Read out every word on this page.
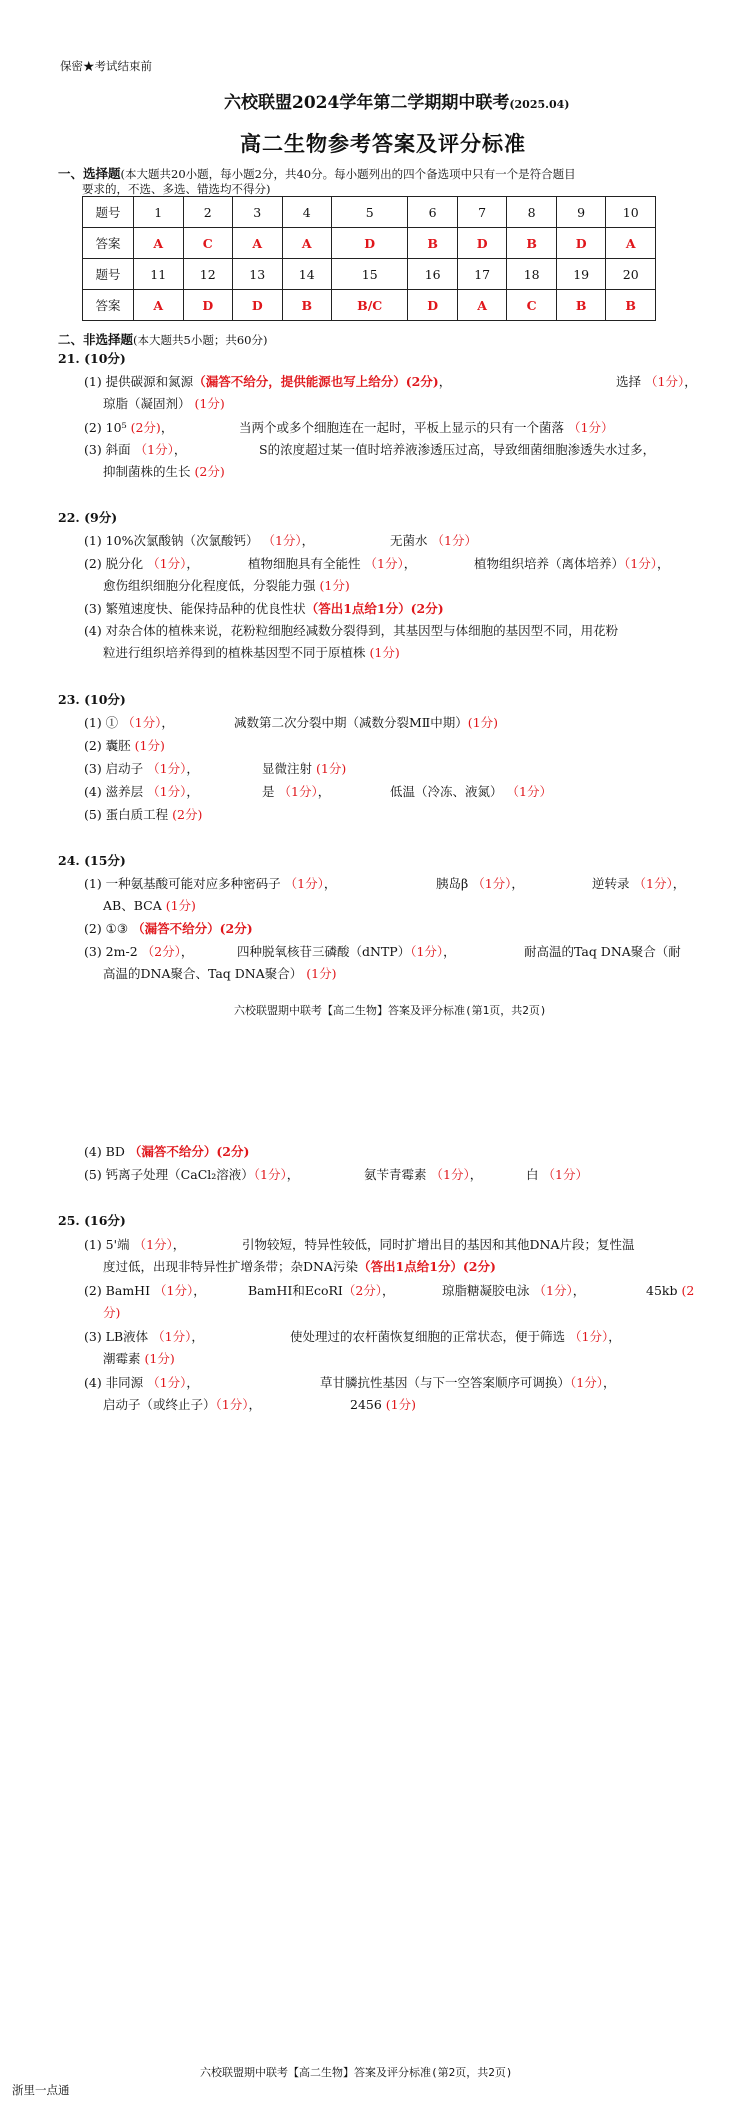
保密★考试结束前
六校联盟2024学年第二学期期中联考(2025.04)
高二生物参考答案及评分标准
一、选择题(本大题共20小题，每小题2分，共40分。每小题列出的四个备选项中只有一个是符合题目
要求的，不选、多选、错选均不得分)
题号	1	2	3	4	5	6	7	8	9	10
答案	A	C	A	A	D	B	D	B	D	A
题号	11	12	13	14	15	16	17	18	19	20
答案	A	D	D	B	B/C	D	A	C	B	B
二、非选择题(本大题共5小题；共60分)
21. (10分)
(1) 提供碳源和氮源（漏答不给分，提供能源也写上给分）(2分)，	选择 （1分），
琼脂（凝固剂） (1分)
(2) 10⁵ (2分)，	当两个或多个细胞连在一起时，平板上显示的只有一个菌落 （1分）
(3) 斜面 （1分），	S的浓度超过某一值时培养液渗透压过高，导致细菌细胞渗透失水过多，
抑制菌株的生长 (2分)
22. (9分)
(1) 10%次氯酸钠（次氯酸钙） （1分），	无菌水 （1分）
(2) 脱分化 （1分），	植物细胞具有全能性 （1分），	植物组织培养（离体培养）（1分），
愈伤组织细胞分化程度低，分裂能力强 (1分)
(3) 繁殖速度快、能保持品种的优良性状（答出1点给1分）(2分)
(4) 对杂合体的植株来说，花粉粒细胞经减数分裂得到，其基因型与体细胞的基因型不同，用花粉
粒进行组织培养得到的植株基因型不同于原植株 (1分)
23. (10分)
(1) ① （1分），	减数第二次分裂中期（减数分裂MⅡ中期）(1分)
(2) 囊胚 (1分)
(3) 启动子 （1分），	显微注射 (1分)
(4) 滋养层 （1分），	是 （1分），	低温（冷冻、液氮） （1分）
(5) 蛋白质工程 (2分)
24. (15分)
(1) 一种氨基酸可能对应多种密码子 （1分），	胰岛β （1分），	逆转录 （1分），
AB、BCA (1分)
(2) ①③ （漏答不给分）(2分)
(3) 2m-2 （2分），	四种脱氧核苷三磷酸（dNTP）（1分），	耐高温的Taq DNA聚合（耐
高温的DNA聚合、Taq DNA聚合） (1分)
六校联盟期中联考【高二生物】答案及评分标准(第1页，共2页)
(4) BD （漏答不给分）(2分)
(5) 钙离子处理（CaCl₂溶液）（1分），	氨苄青霉素 （1分），	白 （1分）
25. (16分)
(1) 5'端 （1分），	引物较短，特异性较低，同时扩增出目的基因和其他DNA片段；复性温
度过低，出现非特异性扩增条带；杂DNA污染（答出1点给1分）(2分)
(2) BamHI （1分），	BamHI和EcoRI（2分），	琼脂糖凝胶电泳 （1分），	45kb (2
分)
(3) LB液体 （1分），	使处理过的农杆菌恢复细胞的正常状态，便于筛选 （1分），
潮霉素 (1分)
(4) 非同源 （1分），	草甘膦抗性基因（与下一空答案顺序可调换）（1分），
启动子（或终止子）（1分），	2456 (1分)
六校联盟期中联考【高二生物】答案及评分标准(第2页，共2页)
浙里一点通
